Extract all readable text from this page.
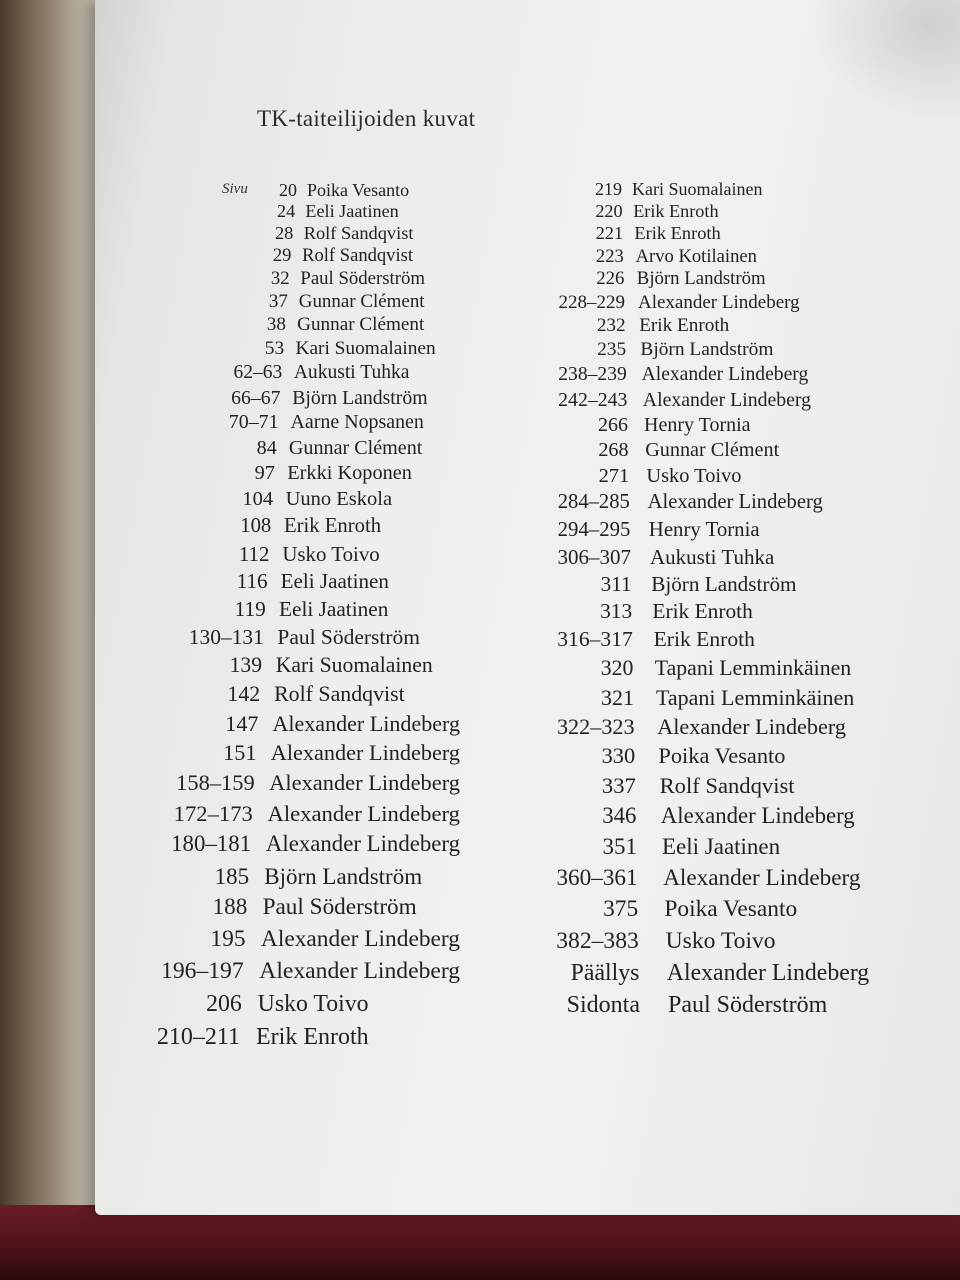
TK-taiteilijoiden kuvat
Sivu	20 Poika Vesanto
24 Eeli Jaatinen
28 Rolf Sandqvist
29 Rolf Sandqvist
32 Paul Söderström
37 Gunnar Clément
38 Gunnar Clément
53 Kari Suomalainen
62–63 Aukusti Tuhka
66–67 Björn Landström
70–71 Aarne Nopsanen
84 Gunnar Clément
97 Erkki Koponen
104 Uuno Eskola
108 Erik Enroth
112 Usko Toivo
116 Eeli Jaatinen
119 Eeli Jaatinen
130–131 Paul Söderström
139 Kari Suomalainen
142 Rolf Sandqvist
147 Alexander Lindeberg
151 Alexander Lindeberg
158–159 Alexander Lindeberg
172–173 Alexander Lindeberg
180–181 Alexander Lindeberg
185 Björn Landström
188 Paul Söderström
195 Alexander Lindeberg
196–197 Alexander Lindeberg
206 Usko Toivo
210–211 Erik Enroth
219 Kari Suomalainen
220 Erik Enroth
221 Erik Enroth
223 Arvo Kotilainen
226 Björn Landström
228–229 Alexander Lindeberg
232 Erik Enroth
235 Björn Landström
238–239 Alexander Lindeberg
242–243 Alexander Lindeberg
266 Henry Tornia
268 Gunnar Clément
271 Usko Toivo
284–285 Alexander Lindeberg
294–295 Henry Tornia
306–307 Aukusti Tuhka
311 Björn Landström
313 Erik Enroth
316–317 Erik Enroth
320 Tapani Lemminkäinen
321 Tapani Lemminkäinen
322–323 Alexander Lindeberg
330 Poika Vesanto
337 Rolf Sandqvist
346 Alexander Lindeberg
351 Eeli Jaatinen
360–361 Alexander Lindeberg
375 Poika Vesanto
382–383 Usko Toivo
Päällys Alexander Lindeberg
Sidonta Paul Söderström
